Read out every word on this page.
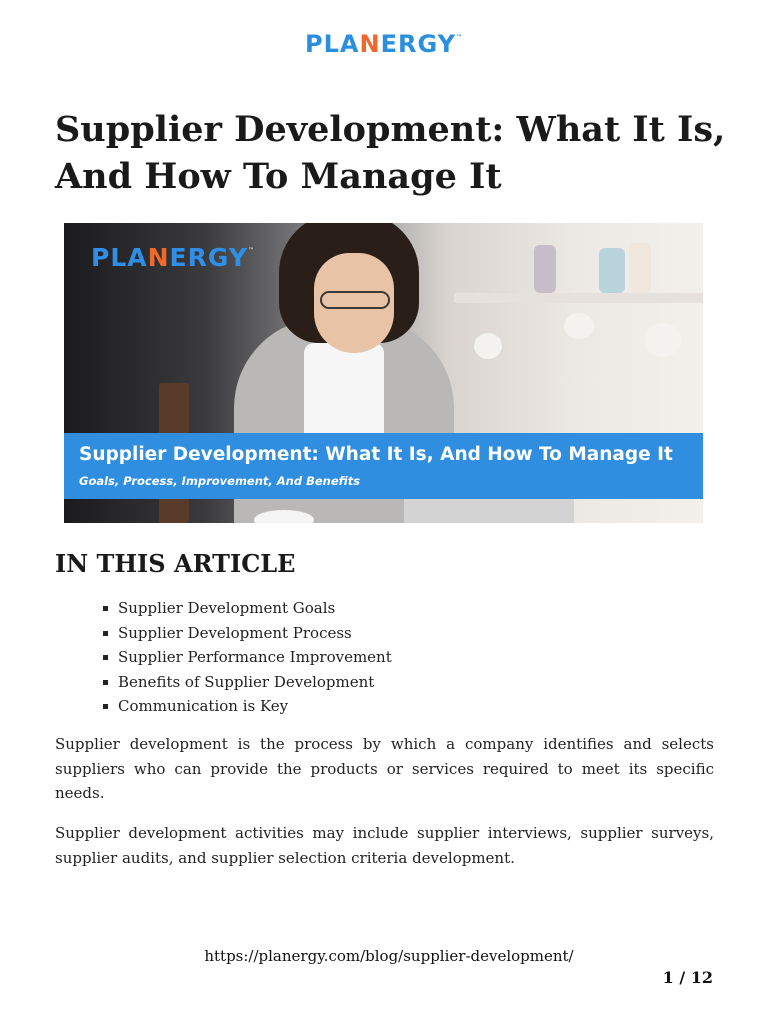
PLANERGY™
Supplier Development: What It Is, And How To Manage It
PLANERGY™
Supplier Development: What It Is, And How To Manage It
Goals, Process, Improvement, And Benefits
IN THIS ARTICLE
Supplier Development Goals
Supplier Development Process
Supplier Performance Improvement
Benefits of Supplier Development
Communication is Key

Supplier development is the process by which a company identifies and selects suppliers who can provide the products or services required to meet its specific needs.

Supplier development activities may include supplier interviews, supplier surveys, supplier audits, and supplier selection criteria development.

https://planergy.com/blog/supplier-development/
1 / 12
